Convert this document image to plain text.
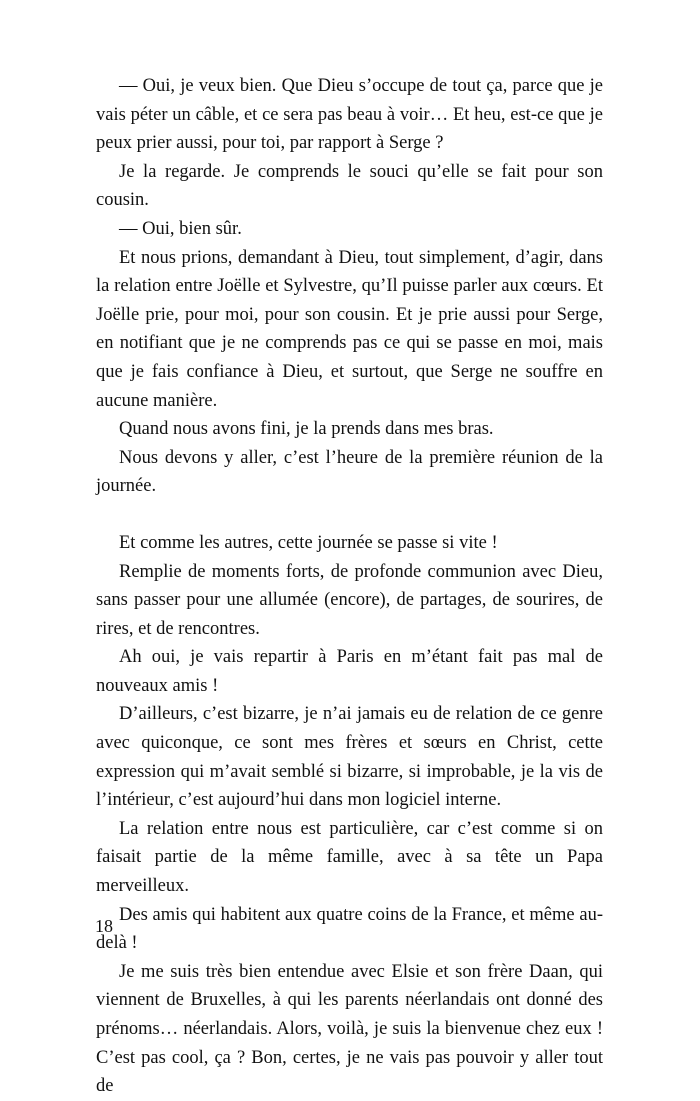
— Oui, je veux bien. Que Dieu s’occupe de tout ça, parce que je vais péter un câble, et ce sera pas beau à voir… Et heu, est-ce que je peux prier aussi, pour toi, par rapport à Serge ?

Je la regarde. Je comprends le souci qu’elle se fait pour son cousin.

— Oui, bien sûr.

Et nous prions, demandant à Dieu, tout simplement, d’agir, dans la relation entre Joëlle et Sylvestre, qu’Il puisse parler aux cœurs. Et Joëlle prie, pour moi, pour son cousin. Et je prie aussi pour Serge, en notifiant que je ne comprends pas ce qui se passe en moi, mais que je fais confiance à Dieu, et surtout, que Serge ne souffre en aucune manière.

Quand nous avons fini, je la prends dans mes bras.

Nous devons y aller, c’est l’heure de la première réunion de la journée.

Et comme les autres, cette journée se passe si vite !

Remplie de moments forts, de profonde communion avec Dieu, sans passer pour une allumée (encore), de partages, de sourires, de rires, et de rencontres.

Ah oui, je vais repartir à Paris en m’étant fait pas mal de nouveaux amis !

D’ailleurs, c’est bizarre, je n’ai jamais eu de relation de ce genre avec quiconque, ce sont mes frères et sœurs en Christ, cette expression qui m’avait semblé si bizarre, si improbable, je la vis de l’intérieur, c’est aujourd’hui dans mon logiciel interne.

La relation entre nous est particulière, car c’est comme si on faisait partie de la même famille, avec à sa tête un Papa merveilleux.

Des amis qui habitent aux quatre coins de la France, et même au-delà !

Je me suis très bien entendue avec Elsie et son frère Daan, qui viennent de Bruxelles, à qui les parents néerlandais ont donné des prénoms… néerlandais. Alors, voilà, je suis la bienvenue chez eux ! C’est pas cool, ça ? Bon, certes, je ne vais pas pouvoir y aller tout de

18
